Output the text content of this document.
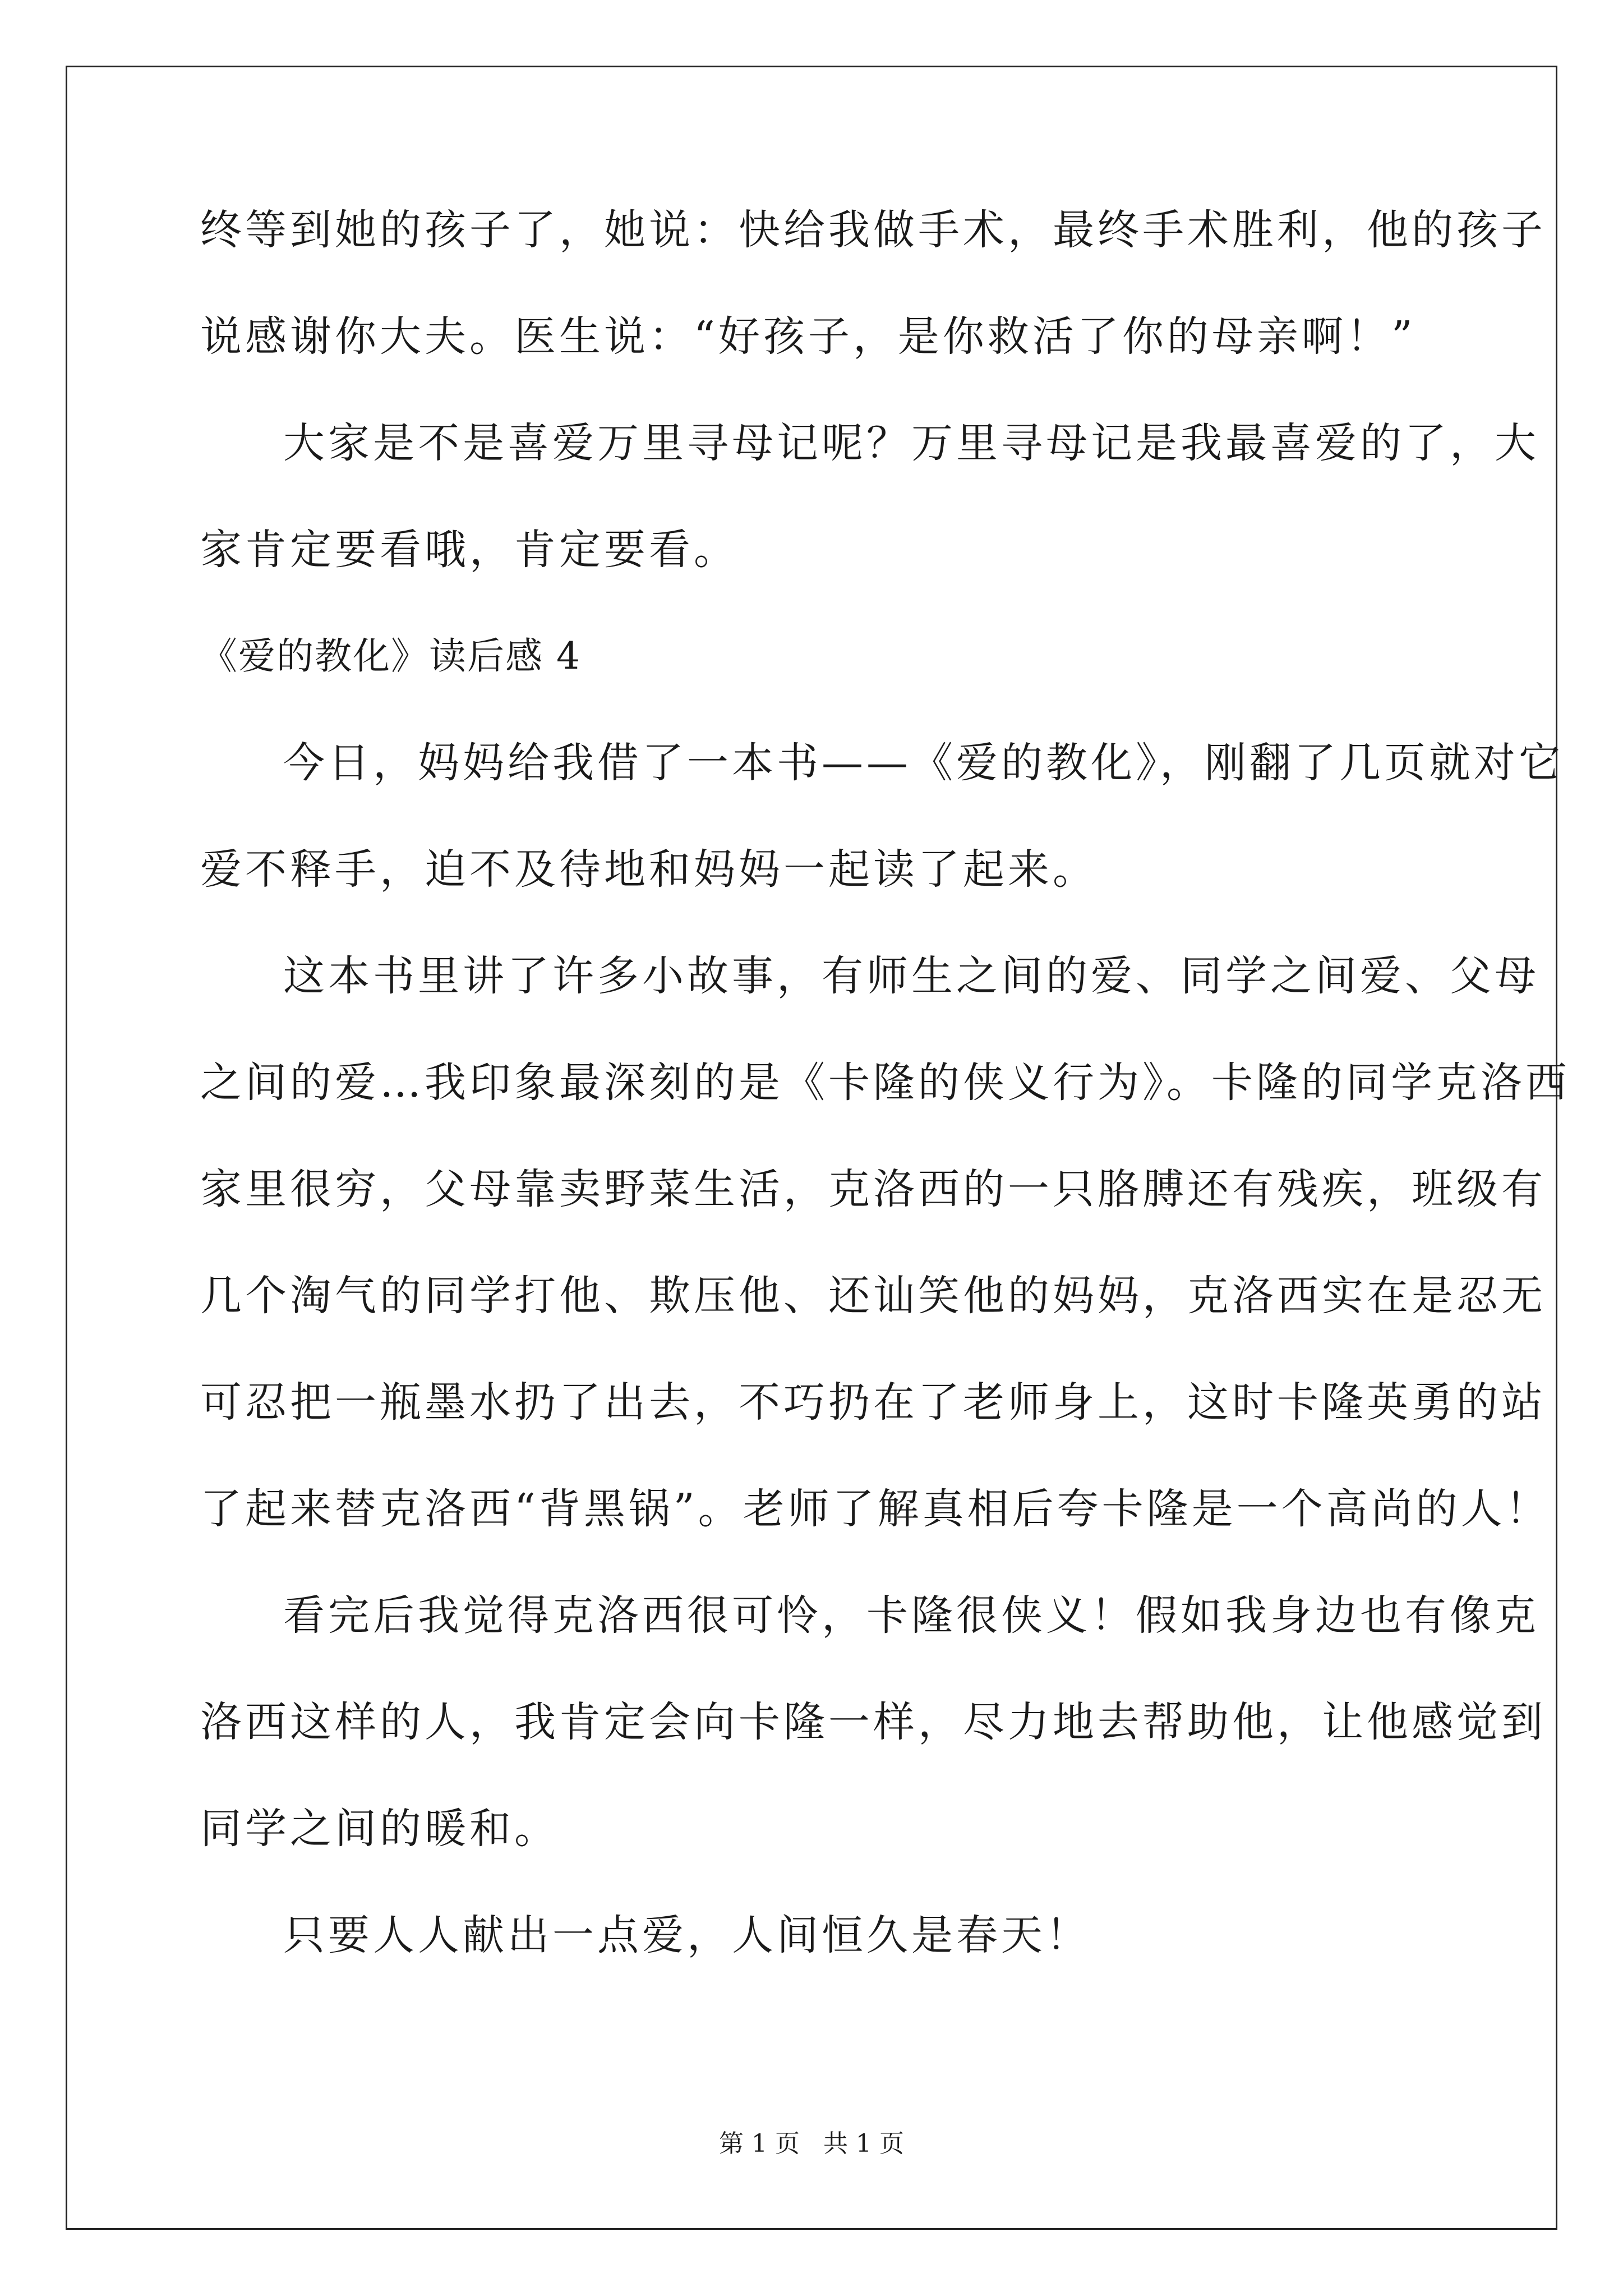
终等到她的孩子了，她说：快给我做手术，最终手术胜利，他的孩子
说感谢你大夫。医生说：“好孩子，是你救活了你的母亲啊！”
大家是不是喜爱万里寻母记呢？万里寻母记是我最喜爱的了，大
家肯定要看哦，肯定要看。
《爱的教化》读后感 4
今日，妈妈给我借了一本书——《爱的教化》，刚翻了几页就对它
爱不释手，迫不及待地和妈妈一起读了起来。
这本书里讲了许多小故事，有师生之间的爱、同学之间爱、父母
之间的爱…我印象最深刻的是《卡隆的侠义行为》。卡隆的同学克洛西
家里很穷，父母靠卖野菜生活，克洛西的一只胳膊还有残疾，班级有
几个淘气的同学打他、欺压他、还讪笑他的妈妈，克洛西实在是忍无
可忍把一瓶墨水扔了出去，不巧扔在了老师身上，这时卡隆英勇的站
了起来替克洛西“背黑锅”。老师了解真相后夸卡隆是一个高尚的人！
看完后我觉得克洛西很可怜，卡隆很侠义！假如我身边也有像克
洛西这样的人，我肯定会向卡隆一样，尽力地去帮助他，让他感觉到
同学之间的暖和。
只要人人献出一点爱，人间恒久是春天！
第 1 页 共 1 页
